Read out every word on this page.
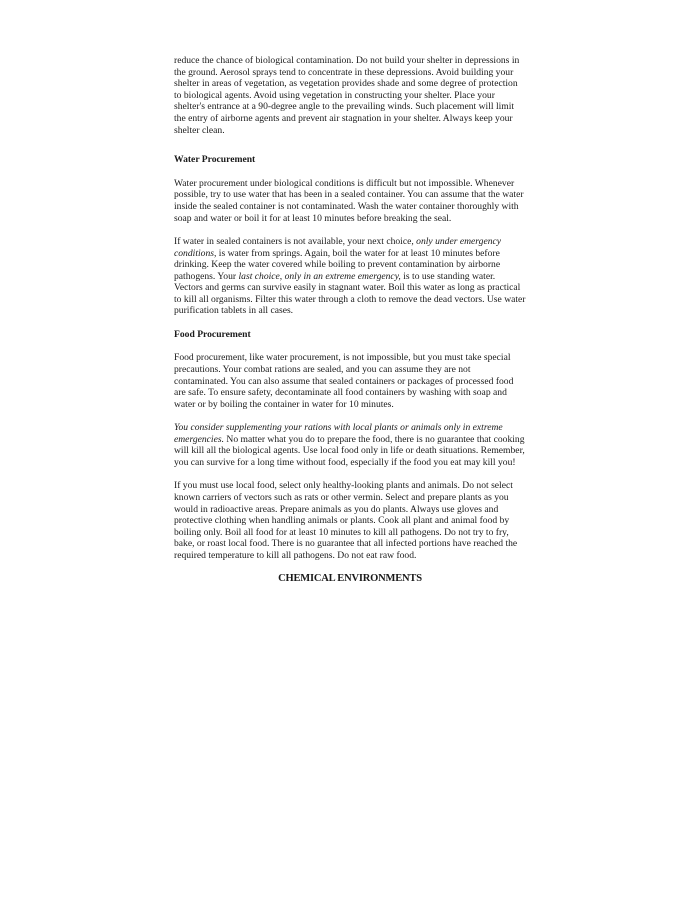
reduce the chance of biological contamination. Do not build your shelter in depressions in the ground. Aerosol sprays tend to concentrate in these depressions. Avoid building your shelter in areas of vegetation, as vegetation provides shade and some degree of protection to biological agents. Avoid using vegetation in constructing your shelter. Place your shelter's entrance at a 90-degree angle to the prevailing winds. Such placement will limit the entry of airborne agents and prevent air stagnation in your shelter. Always keep your shelter clean.

Water Procurement

Water procurement under biological conditions is difficult but not impossible. Whenever possible, try to use water that has been in a sealed container. You can assume that the water inside the sealed container is not contaminated. Wash the water container thoroughly with soap and water or boil it for at least 10 minutes before breaking the seal.

If water in sealed containers is not available, your next choice, only under emergency conditions, is water from springs. Again, boil the water for at least 10 minutes before drinking. Keep the water covered while boiling to prevent contamination by airborne pathogens. Your last choice, only in an extreme emergency, is to use standing water. Vectors and germs can survive easily in stagnant water. Boil this water as long as practical to kill all organisms. Filter this water through a cloth to remove the dead vectors. Use water purification tablets in all cases.

Food Procurement

Food procurement, like water procurement, is not impossible, but you must take special precautions. Your combat rations are sealed, and you can assume they are not contaminated. You can also assume that sealed containers or packages of processed food are safe. To ensure safety, decontaminate all food containers by washing with soap and water or by boiling the container in water for 10 minutes.

You consider supplementing your rations with local plants or animals only in extreme emergencies. No matter what you do to prepare the food, there is no guarantee that cooking will kill all the biological agents. Use local food only in life or death situations. Remember, you can survive for a long time without food, especially if the food you eat may kill you!

If you must use local food, select only healthy-looking plants and animals. Do not select known carriers of vectors such as rats or other vermin. Select and prepare plants as you would in radioactive areas. Prepare animals as you do plants. Always use gloves and protective clothing when handling animals or plants. Cook all plant and animal food by boiling only. Boil all food for at least 10 minutes to kill all pathogens. Do not try to fry, bake, or roast local food. There is no guarantee that all infected portions have reached the required temperature to kill all pathogens. Do not eat raw food.

CHEMICAL ENVIRONMENTS
